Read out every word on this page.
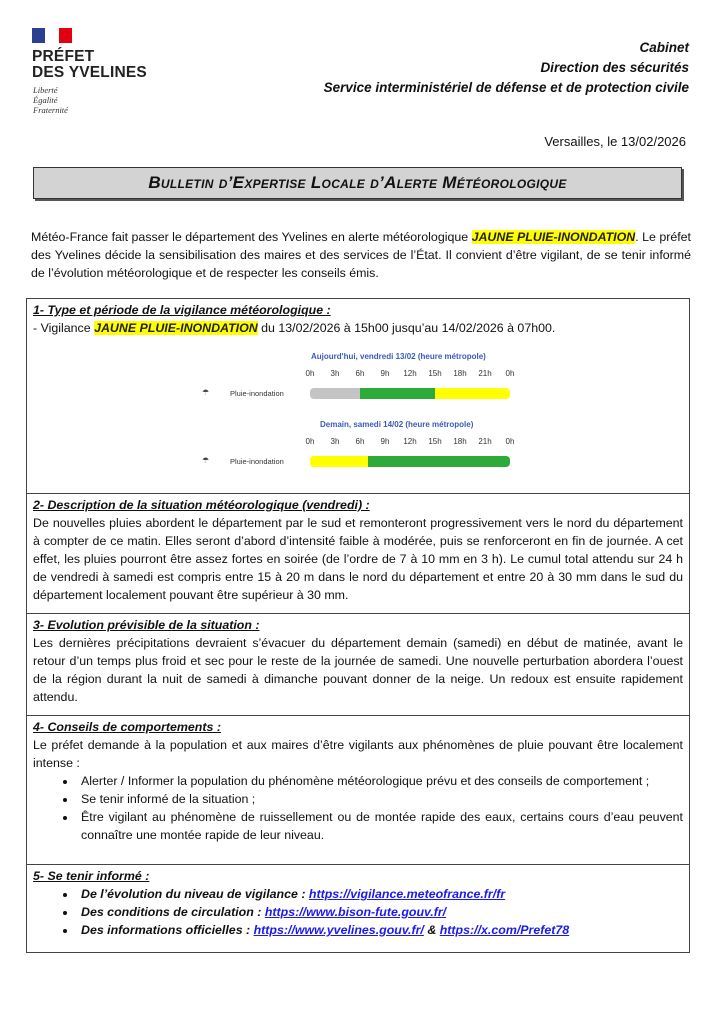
PRÉFET
DES YVELINES
Liberté
Égalité
Fraternité
Cabinet
Direction des sécurités
Service interministériel de défense et de protection civile
Versailles, le 13/02/2026
Bulletin d’Expertise Locale d’Alerte Météorologique
Météo-France fait passer le département des Yvelines en alerte météorologique JAUNE PLUIE-INONDATION. Le préfet des Yvelines décide la sensibilisation des maires et des services de l’État. Il convient d’être vigilant, de se tenir informé de l’évolution météorologique et de respecter les conseils émis.
1- Type et période de la vigilance météorologique :
- Vigilance JAUNE PLUIE-INONDATION du 13/02/2026 à 15h00 jusqu’au 14/02/2026 à 07h00.
Aujourd'hui, vendredi 13/02 (heure métropole)
0h 3h 6h 9h 12h 15h 18h 21h 0h
☂	Pluie-inondation
Demain, samedi 14/02 (heure métropole)
0h 3h 6h 9h 12h 15h 18h 21h 0h
☂	Pluie-inondation
2- Description de la situation météorologique (vendredi) :
De nouvelles pluies abordent le département par le sud et remonteront progressivement vers le nord du département à compter de ce matin. Elles seront d’abord d’intensité faible à modérée, puis se renforceront en fin de journée. A cet effet, les pluies pourront être assez fortes en soirée (de l’ordre de 7 à 10 mm en 3 h). Le cumul total attendu sur 24 h de vendredi à samedi est compris entre 15 à 20 m dans le nord du département et entre 20 à 30 mm dans le sud du département localement pouvant être supérieur à 30 mm.
3- Evolution prévisible de la situation :
Les dernières précipitations devraient s’évacuer du département demain (samedi) en début de matinée, avant le retour d’un temps plus froid et sec pour le reste de la journée de samedi. Une nouvelle perturbation abordera l’ouest de la région durant la nuit de samedi à dimanche pouvant donner de la neige. Un redoux est ensuite rapidement attendu.
4- Conseils de comportements :
Le préfet demande à la population et aux maires d’être vigilants aux phénomènes de pluie pouvant être localement intense :
• Alerter / Informer la population du phénomène météorologique prévu et des conseils de comportement ;
• Se tenir informé de la situation ;
• Être vigilant au phénomène de ruissellement ou de montée rapide des eaux, certains cours d’eau peuvent connaître une montée rapide de leur niveau.
5- Se tenir informé :
• De l’évolution du niveau de vigilance : https://vigilance.meteofrance.fr/fr
• Des conditions de circulation : https://www.bison-fute.gouv.fr/
• Des informations officielles : https://www.yvelines.gouv.fr/ & https://x.com/Prefet78
